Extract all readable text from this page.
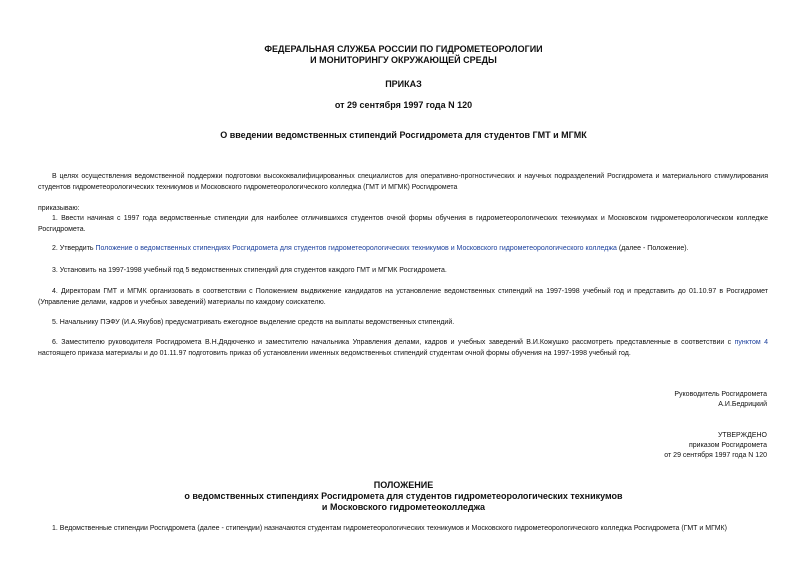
ФЕДЕРАЛЬНАЯ СЛУЖБА РОССИИ ПО ГИДРОМЕТЕОРОЛОГИИ
И МОНИТОРИНГУ ОКРУЖАЮЩЕЙ СРЕДЫ
ПРИКАЗ
от 29 сентября 1997 года N 120
О введении ведомственных стипендий Росгидромета для студентов ГМТ и МГМК
В целях осуществления ведомственной поддержки подготовки высококвалифицированных специалистов для оперативно-прогностических и научных подразделений Росгидромета и материального стимулирования студентов гидрометеорологических техникумов и Московского гидрометеорологического колледжа (ГМТ И МГМК) Росгидромета
приказываю:
1. Ввести начиная с 1997 года ведомственные стипендии для наиболее отличившихся студентов очной формы обучения в гидрометеорологических техникумах и Московском гидрометеорологическом колледже Росгидромета.
2. Утвердить Положение о ведомственных стипендиях Росгидромета для студентов гидрометеорологических техникумов и Московского гидрометеорологического колледжа (далее - Положение).
3. Установить на 1997-1998 учебный год 5 ведомственных стипендий для студентов каждого ГМТ и МГМК Росгидромета.
4. Директорам ГМТ и МГМК организовать в соответствии с Положением выдвижение кандидатов на установление ведомственных стипендий на 1997-1998 учебный год и представить до 01.10.97 в Росгидромет (Управление делами, кадров и учебных заведений) материалы по каждому соискателю.
5. Начальнику ПЭФУ (И.А.Якубов) предусматривать ежегодное выделение средств на выплаты ведомственных стипендий.
6. Заместителю руководителя Росгидромета В.Н.Дядюченко и заместителю начальника Управления делами, кадров и учебных заведений В.И.Кожушко рассмотреть представленные в соответствии с пунктом 4 настоящего приказа материалы и до 01.11.97 подготовить приказ об установлении именных ведомственных стипендий студентам очной формы обучения на 1997-1998 учебный год.
Руководитель Росгидромета
А.И.Бедрицкий
УТВЕРЖДЕНО
приказом Росгидромета
от 29 сентября 1997 года N 120
ПОЛОЖЕНИЕ
о ведомственных стипендиях Росгидромета для студентов гидрометеорологических техникумов
и Московского гидрометеоколледжа
1. Ведомственные стипендии Росгидромета (далее - стипендии) назначаются студентам гидрометеорологических техникумов и Московского гидрометеорологического колледжа Росгидромета (ГМТ и МГМК)
